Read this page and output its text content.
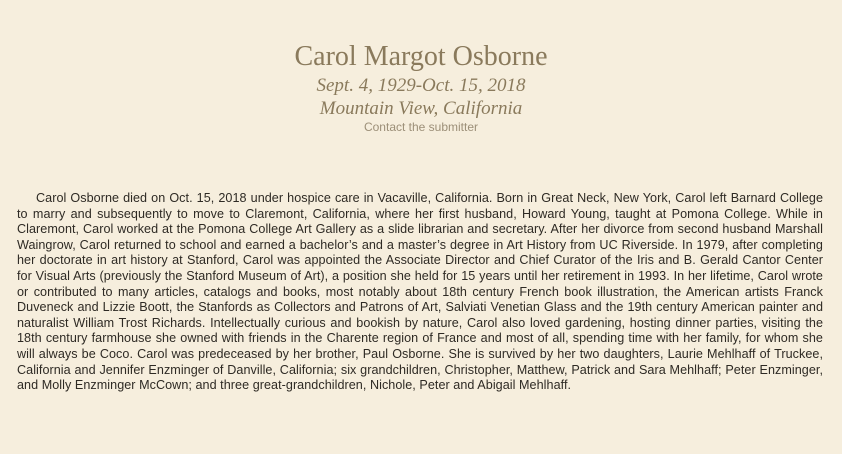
Carol Margot Osborne

Sept. 4, 1929-Oct. 15, 2018

Mountain View, California

Contact the submitter

Carol Osborne died on Oct. 15, 2018 under hospice care in Vacaville, California. Born in Great Neck, New York, Carol left Barnard College to marry and subsequently to move to Claremont, California, where her first husband, Howard Young, taught at Pomona College. While in Claremont, Carol worked at the Pomona College Art Gallery as a slide librarian and secretary. After her divorce from second husband Marshall Waingrow, Carol returned to school and earned a bachelor’s and a master’s degree in Art History from UC Riverside. In 1979, after completing her doctorate in art history at Stanford, Carol was appointed the Associate Director and Chief Curator of the Iris and B. Gerald Cantor Center for Visual Arts (previously the Stanford Museum of Art), a position she held for 15 years until her retirement in 1993. In her lifetime, Carol wrote or contributed to many articles, catalogs and books, most notably about 18th century French book illustration, the American artists Franck Duveneck and Lizzie Boott, the Stanfords as Collectors and Patrons of Art, Salviati Venetian Glass and the 19th century American painter and naturalist William Trost Richards. Intellectually curious and bookish by nature, Carol also loved gardening, hosting dinner parties, visiting the 18th century farmhouse she owned with friends in the Charente region of France and most of all, spending time with her family, for whom she will always be Coco. Carol was predeceased by her brother, Paul Osborne. She is survived by her two daughters, Laurie Mehlhaff of Truckee, California and Jennifer Enzminger of Danville, California; six grandchildren, Christopher, Matthew, Patrick and Sara Mehlhaff; Peter Enzminger, and Molly Enzminger McCown; and three great-grandchildren, Nichole, Peter and Abigail Mehlhaff.
